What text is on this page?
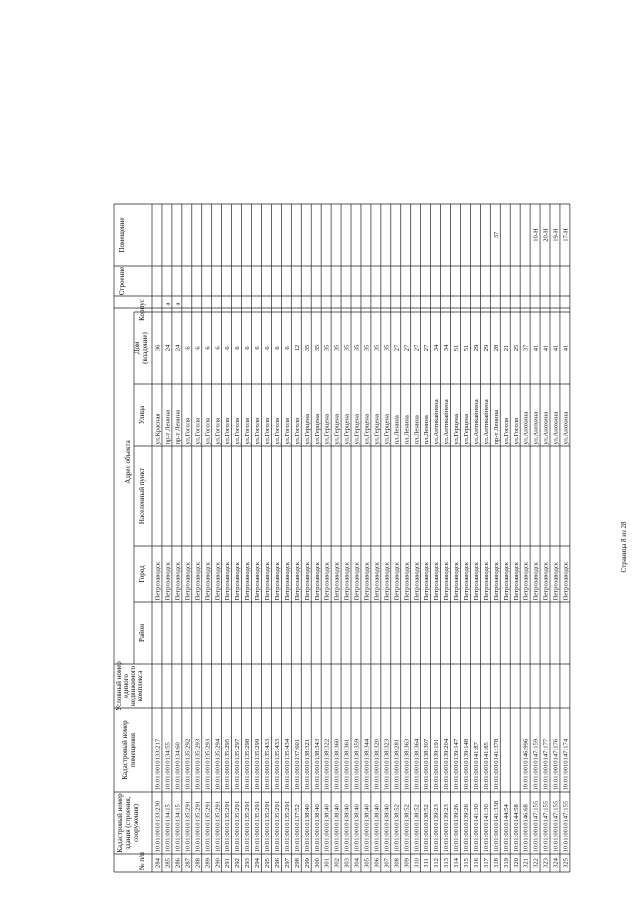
№ п/п
Кадастровый номер здания (строения, сооружения)
Кадастровый номер помещения
Условный номер единого недвижимого комплекса
Адрес объекта
Район
Город
Населенный пункт
Улица
Дом (владение)
Корпус
Строение
Помещение
284
10:01:0010133:230
10:01:0010133:217
Петрозаводск
ул.Красная
36
285
10:01:0010134:15
10:01:0010134:55
Петрозаводск
пр-т Ленина
24
а
286
10:01:0010134:15
10:01:0010134:60
Петрозаводск
пр-т Ленина
24
а
287
10:01:0010135:291
10:01:0010135:292
Петрозаводск
ул.Гоголя
6
288
10:01:0010135:291
10:01:0010135:293
Петрозаводск
ул.Гоголя
6
289
10:01:0010135:291
10:01:0010135:293
Петрозаводск
ул.Гоголя
6
290
10:01:0010135:291
10:01:0010135:294
Петрозаводск
ул.Гоголя
6
291
10:01:0010135:291
10:01:0010135:295
Петрозаводск
ул.Гоголя
6
292
10:01:0010135:291
10:01:0010135:297
Петрозаводск
ул.Гоголя
6
293
10:01:0010135:291
10:01:0010135:298
Петрозаводск
ул.Гоголя
6
294
10:01:0010135:291
10:01:0010135:299
Петрозаводск
ул.Гоголя
6
295
10:01:0010135:291
10:01:0010135:433
Петрозаводск
ул.Гоголя
6
296
10:01:0010135:291
10:01:0010135:433
Петрозаводск
ул.Гоголя
6
297
10:01:0010135:291
10:01:0010135:434
Петрозаводск
ул.Гоголя
6
298
10:01:0010137:52
10:01:0010137:601
Петрозаводск
ул.Гоголя
12
299
10:01:0010138:40
10:01:0010138:321
Петрозаводск
ул.Герцена
35
300
10:01:0010138:40
10:01:0010138:343
Петрозаводск
ул.Герцена
35
301
10:01:0010138:40
10:01:0010138:322
Петрозаводск
ул.Герцена
35
302
10:01:0010138:40
10:01:0010138:360
Петрозаводск
ул.Герцена
35
303
10:01:0010138:40
10:01:0010138:361
Петрозаводск
ул.Герцена
35
304
10:01:0010138:40
10:01:0010138:359
Петрозаводск
ул.Герцена
35
305
10:01:0010138:40
10:01:0010138:344
Петрозаводск
ул.Герцена
35
306
10:01:0010138:40
10:01:0010138:320
Петрозаводск
ул.Герцена
35
307
10:01:0010138:40
10:01:0010138:323
Петрозаводск
ул.Герцена
35
308
10:01:0010138:52
10:01:0010138:281
Петрозаводск
пл.Ленина
27
309
10:01:0010138:52
10:01:0010138:363
Петрозаводск
пл.Ленина
27
310
10:01:0010138:52
10:01:0010138:364
Петрозаводск
пл.Ленина
27
311
10:01:0010138:52
10:01:0010138:307
Петрозаводск
пл.Ленина
27
312
10:01:0010139:23
10:01:0010139:191
Петрозаводск
ул.Антикайнена
34
313
10:01:0010139:23
10:01:0010139:204
Петрозаводск
ул.Антикайнена
34
314
10:01:0010139:26
10:01:0010139:147
Петрозаводск
ул.Герцена
51
315
10:01:0010139:26
10:01:0010139:148
Петрозаводск
ул.Герцена
51
316
10:01:0010141:30
10:01:0010141:87
Петрозаводск
ул.Антикайнена
29
317
10:01:0010141:30
10:01:0010141:85
Петрозаводск
ул.Антикайнена
29
318
10:01:0010141:338
10:01:0010141:378
Петрозаводск
пр-т Ленина
28
37
319
10:01:0010144:54
Петрозаводск
ул.Гоголя
21
320
10:01:0010144:58
Петрозаводск
ул.Гоголя
25
321
10:01:0010146:68
10:01:0010146:996
Петрозаводск
ул.Анохина
37
322
10:01:0010147:155
10:01:0010147:159
Петрозаводск
ул.Анохина
41
10-Н
323
10:01:0010147:155
10:01:0010147:177
Петрозаводск
ул.Анохина
41
20-Н
324
10:01:0010147:155
10:01:0010147:176
Петрозаводск
ул.Анохина
41
19-Н
325
10:01:0010147:155
10:01:0010147:174
Петрозаводск
ул.Анохина
41
17-Н
Страница 8 из 28
